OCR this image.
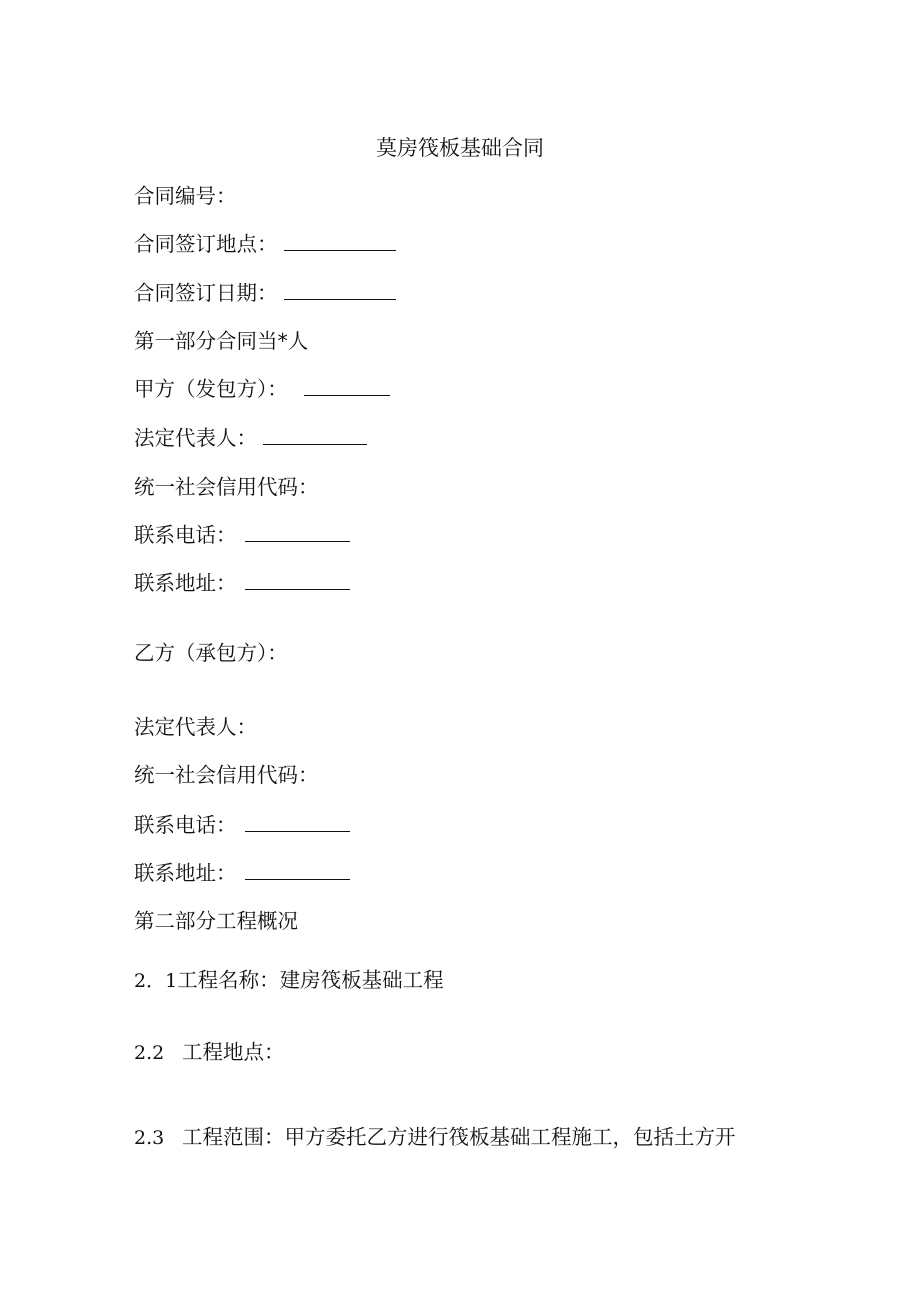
莫房筏板基础合同
合同编号：
合同签订地点：
合同签订日期：
第一部分合同当*人
甲方（发包方）：
法定代表人：
统一社会信用代码：
联系电话：
联系地址：
乙方（承包方）：
法定代表人：
统一社会信用代码：
联系电话：
联系地址：
第二部分工程概况
2．1工程名称：建房筏板基础工程
2.2 工程地点：
2.3 工程范围：甲方委托乙方进行筏板基础工程施工，包括土方开
